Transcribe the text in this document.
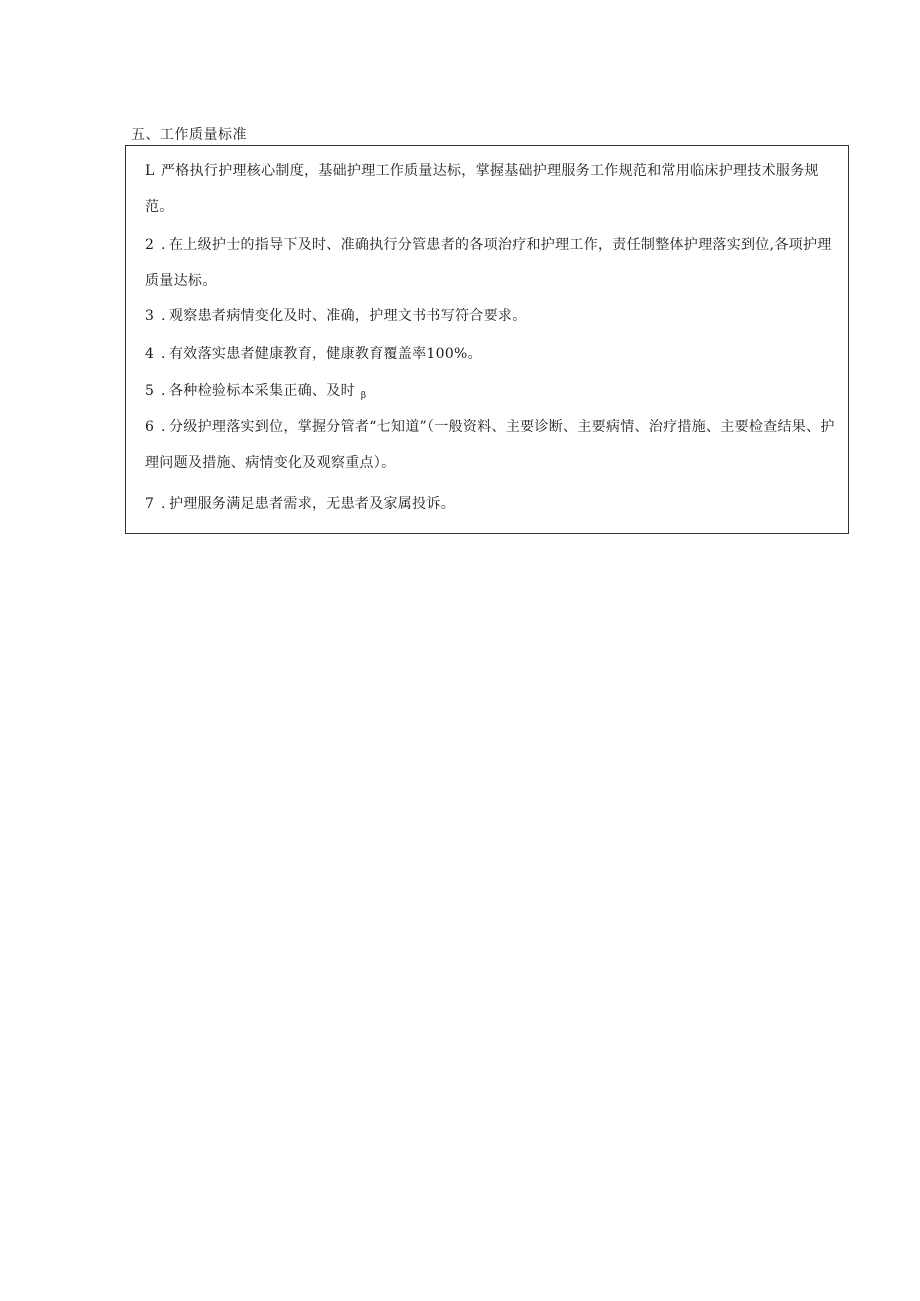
五、工作质量标准
L 严格执行护理核心制度，基础护理工作质量达标，掌握基础护理服务工作规范和常用临床护理技术服务规范。
2 . 在上级护士的指导下及时、准确执行分管患者的各项治疗和护理工作，责任制整体护理落实到位,各项护理质量达标。
3 . 观察患者病情变化及时、准确，护理文书书写符合要求。
4 . 有效落实患者健康教育，健康教育覆盖率100%。
5 . 各种检验标本采集正确、及时 $_\beta$
6 . 分级护理落实到位，掌握分管者“七知道”（一般资料、主要诊断、主要病情、治疗措施、主要检查结果、护理问题及措施、病情变化及观察重点）。
7 . 护理服务满足患者需求，无患者及家属投诉。
